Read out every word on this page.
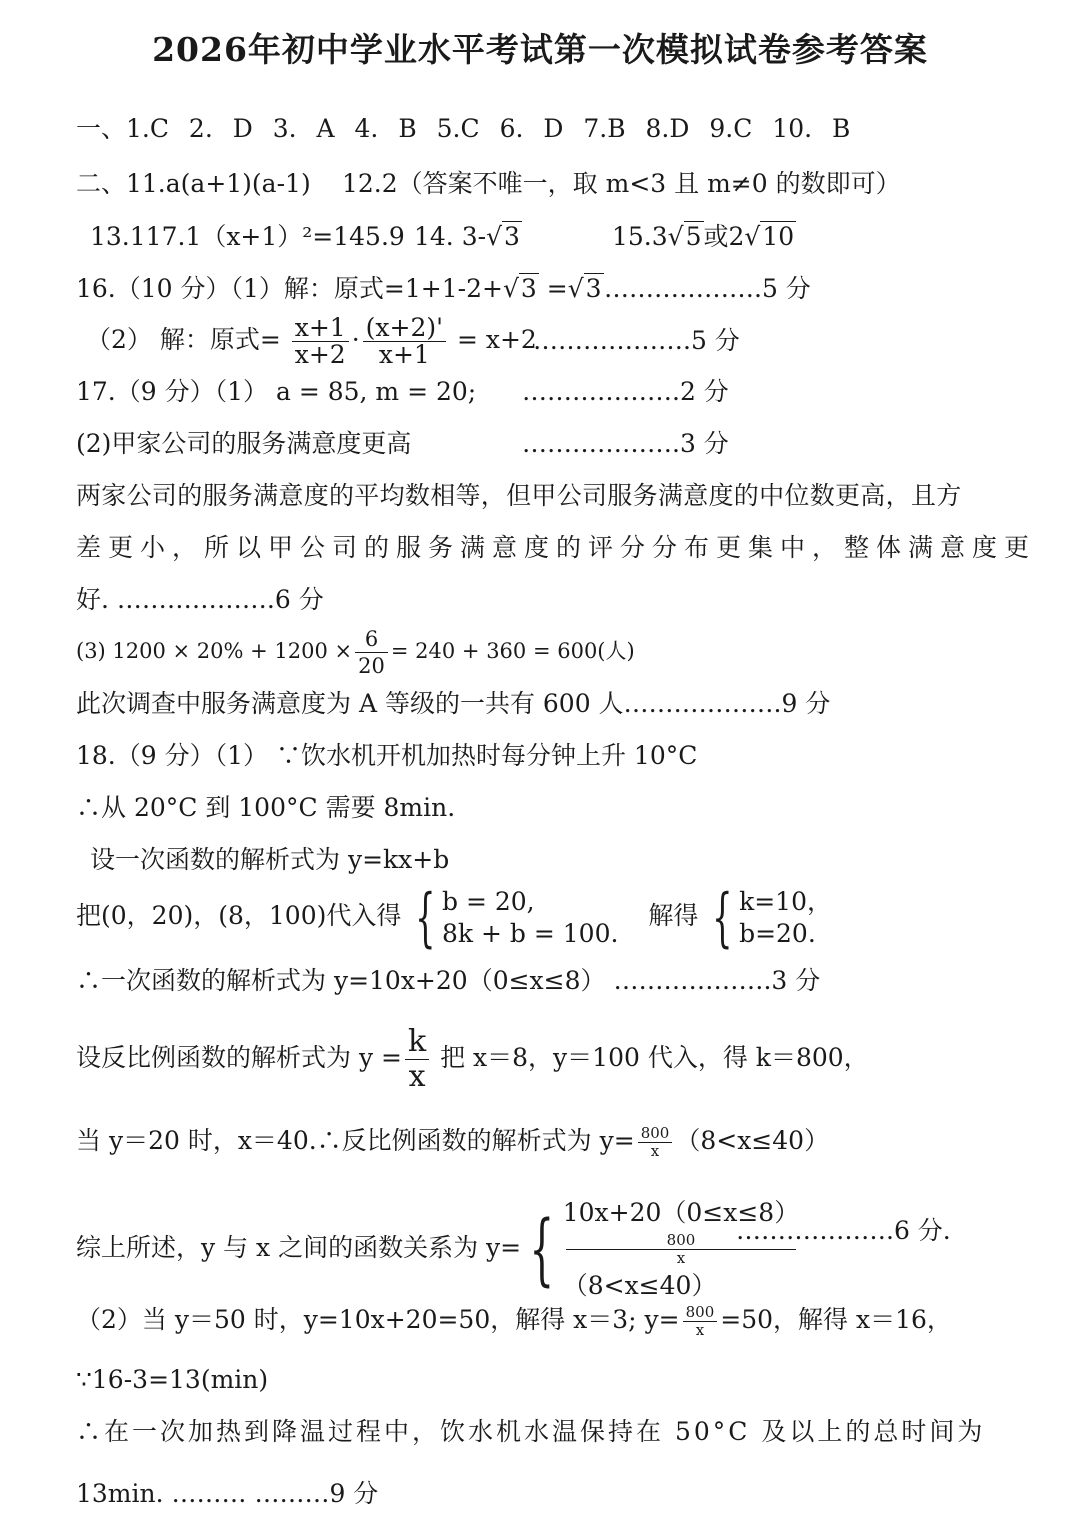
2026年初中学业水平考试第一次模拟试卷参考答案
一、1.C 2. D 3. A 4. B 5.C 6. D 7.B 8.D 9.C 10. B
二、11.a(a+1)(a-1) 12.2（答案不唯一，取 m<3 且 m≠0 的数即可）
13.117.1（x+1）²=145.9 14. 3-√3	15.3√5或2√10
16.（10 分）（1）解：原式=1+1-2+√3 =√3 ……………….5 分
（2） 解：原式= $\frac{x+1}{x+2} \cdot \frac{(x+2)'}{x+1} = x+2$
……………….5 分
17.（9 分）（1） a = 85, m = 20; ……………….2 分
(2)甲家公司的服务满意度更高	……………….3 分
两家公司的服务满意度的平均数相等，但甲公司服务满意度的中位数更高，且方
差更小，所以甲公司的服务满意度的评分分布更集中，整体满意度更
好. ……………….6 分
(3) $1200 \times 20\% + 1200 \times \frac{6}{20} = 240 + 360 = 600$(人)
此次调查中服务满意度为 A 等级的一共有 600 人……………….9 分
18.（9 分）（1） ∵饮水机开机加热时每分钟上升 10°C
∴从 20°C 到 100°C 需要 8min.
设一次函数的解析式为 y=kx+b
把(0，20)，(8，100)代入得 { b = 20,
8k + b = 100.
解得 { k=10，
b=20.
∴一次函数的解析式为 y=10x+20（0≤x≤8） ……………….3 分
设反比例函数的解析式为 $y = \frac{k}{x}$ 把 x＝8，y＝100 代入，得 k＝800，
当 y＝20 时，x＝40.∴反比例函数的解析式为 $y= \frac{800}{x} (8<x\le 40)$
综上所述，y 与 x 之间的函数关系为 y= { 10x+20（0≤x≤8）
800
x
（8<x≤40）
……………….6 分.
（2）当 y＝50 时，y=10x+20=50，解得 x＝3; $y= \frac{800}{x} =50$，解得 x＝16，
∵16-3=13(min)
∴在一次加热到降温过程中，饮水机水温保持在 50°C 及以上的总时间为
13min. ……… ………9 分
